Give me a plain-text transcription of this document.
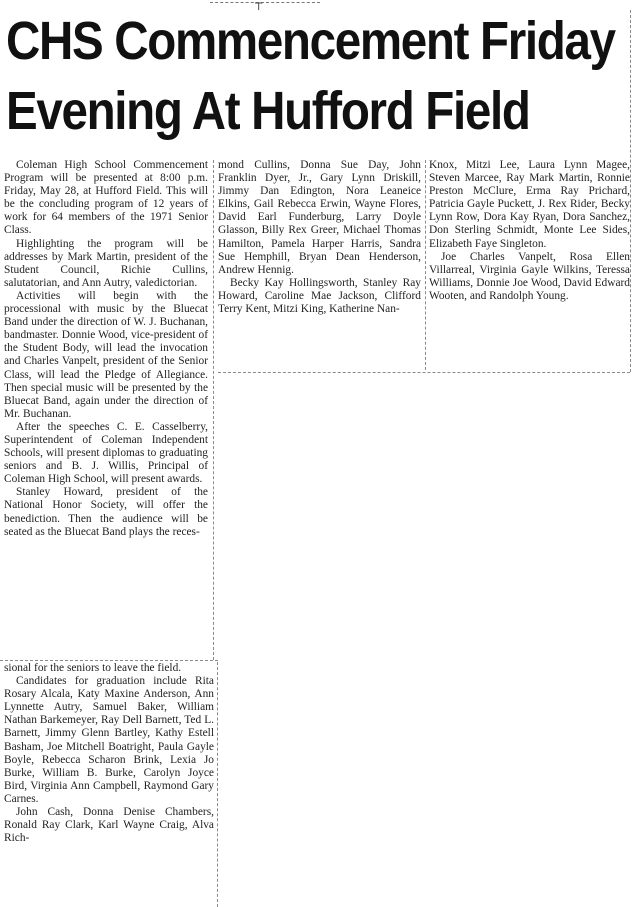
┬
CHS Commencement Friday
Evening At Hufford Field

Coleman High School Commencement Program will be presented at 8:00 p.m. Friday, May 28, at Hufford Field. This will be the concluding program of 12 years of work for 64 members of the 1971 Senior Class.

Highlighting the program will be addresses by Mark Martin, president of the Student Council, Richie Cullins, salutatorian, and Ann Autry, valedictorian.

Activities will begin with the processional with music by the Bluecat Band under the direction of W. J. Buchanan, bandmaster. Donnie Wood, vice-president of the Student Body, will lead the invocation and Charles Vanpelt, president of the Senior Class, will lead the Pledge of Allegiance. Then special music will be presented by the Bluecat Band, again under the direction of Mr. Buchanan.

After the speeches C. E. Casselberry, Superintendent of Coleman Independent Schools, will present diplomas to graduating seniors and B. J. Willis, Principal of Coleman High School, will present awards.

Stanley Howard, president of the National Honor Society, will offer the benediction. Then the audience will be seated as the Bluecat Band plays the reces-

sional for the seniors to leave the field.

Candidates for graduation include Rita Rosary Alcala, Katy Maxine Anderson, Ann Lynnette Autry, Samuel Baker, William Nathan Barkemeyer, Ray Dell Barnett, Ted L. Barnett, Jimmy Glenn Bartley, Kathy Estell Basham, Joe Mitchell Boatright, Paula Gayle Boyle, Rebecca Scharon Brink, Lexia Jo Burke, William B. Burke, Carolyn Joyce Bird, Virginia Ann Campbell, Raymond Gary Carnes.

John Cash, Donna Denise Chambers, Ronald Ray Clark, Karl Wayne Craig, Alva Rich-

mond Cullins, Donna Sue Day, John Franklin Dyer, Jr., Gary Lynn Driskill, Jimmy Dan Edington, Nora Leaneice Elkins, Gail Rebecca Erwin, Wayne Flores, David Earl Funderburg, Larry Doyle Glasson, Billy Rex Greer, Michael Thomas Hamilton, Pamela Harper Harris, Sandra Sue Hemphill, Bryan Dean Henderson, Andrew Hennig.

Becky Kay Hollingsworth, Stanley Ray Howard, Caroline Mae Jackson, Clifford Terry Kent, Mitzi King, Katherine Nan-

Knox, Mitzi Lee, Laura Lynn Magee, Steven Marcee, Ray Mark Martin, Ronnie Preston McClure, Erma Ray Prichard, Patricia Gayle Puckett, J. Rex Rider, Becky Lynn Row, Dora Kay Ryan, Dora Sanchez, Don Sterling Schmidt, Monte Lee Sides, Elizabeth Faye Singleton.

Joe Charles Vanpelt, Rosa Ellen Villarreal, Virginia Gayle Wilkins, Teressa Williams, Donnie Joe Wood, David Edward Wooten, and Randolph Young.
